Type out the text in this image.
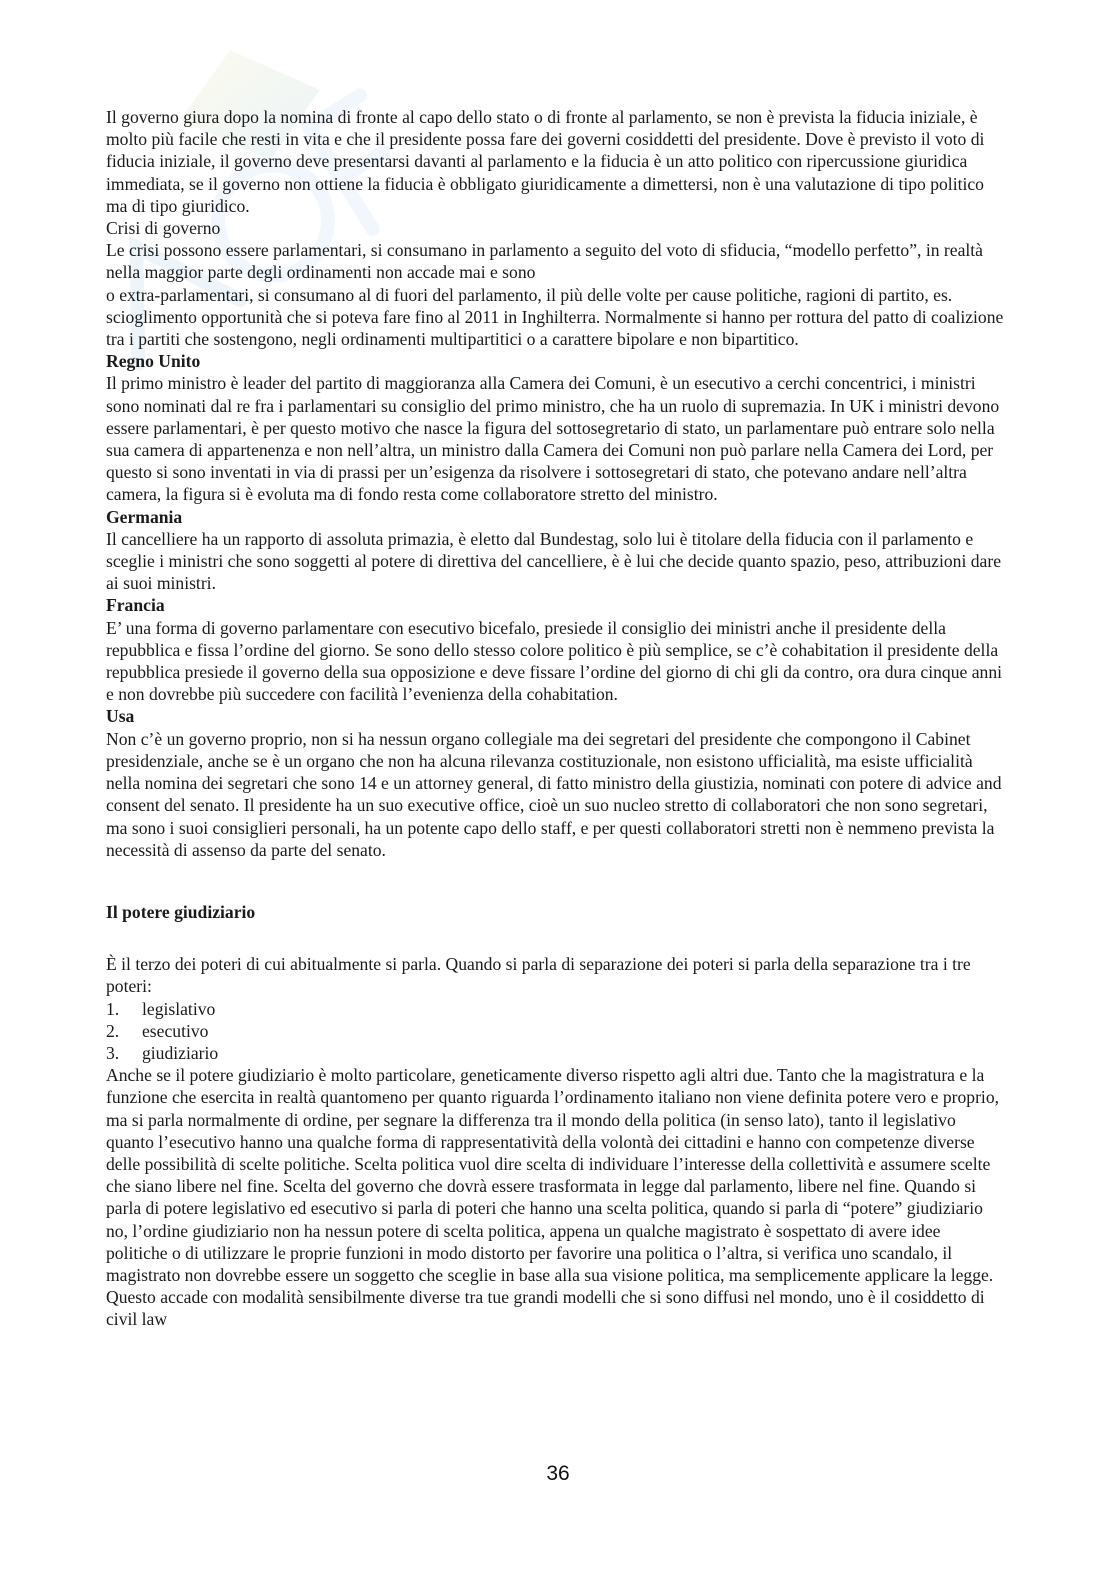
Il governo giura dopo la nomina di fronte al capo dello stato o di fronte al parlamento, se non è prevista la fiducia iniziale, è molto più facile che resti in vita e che il presidente possa fare dei governi cosiddetti del presidente. Dove è previsto il voto di fiducia iniziale, il governo deve presentarsi davanti al parlamento e la fiducia è un atto politico con ripercussione giuridica immediata, se il governo non ottiene la fiducia è obbligato giuridicamente a dimettersi, non è una valutazione di tipo politico ma di tipo giuridico.

Crisi di governo

Le crisi possono essere parlamentari, si consumano in parlamento a seguito del voto di sfiducia, “modello perfetto”, in realtà nella maggior parte degli ordinamenti non accade mai e sono

o extra-parlamentari, si consumano al di fuori del parlamento, il più delle volte per cause politiche, ragioni di partito, es. scioglimento opportunità che si poteva fare fino al 2011 in Inghilterra. Normalmente si hanno per rottura del patto di coalizione tra i partiti che sostengono, negli ordinamenti multipartitici o a carattere bipolare e non bipartitico.

Regno Unito

Il primo ministro è leader del partito di maggioranza alla Camera dei Comuni, è un esecutivo a cerchi concentrici, i ministri sono nominati dal re fra i parlamentari su consiglio del primo ministro, che ha un ruolo di supremazia. In UK i ministri devono essere parlamentari, è per questo motivo che nasce la figura del sottosegretario di stato, un parlamentare può entrare solo nella sua camera di appartenenza e non nell’altra, un ministro dalla Camera dei Comuni non può parlare nella Camera dei Lord, per questo si sono inventati in via di prassi per un’esigenza da risolvere i sottosegretari di stato, che potevano andare nell’altra camera, la figura si è evoluta ma di fondo resta come collaboratore stretto del ministro.

Germania

Il cancelliere ha un rapporto di assoluta primazia, è eletto dal Bundestag, solo lui è titolare della fiducia con il parlamento e sceglie i ministri che sono soggetti al potere di direttiva del cancelliere, è è lui che decide quanto spazio, peso, attribuzioni dare ai suoi ministri.

Francia

E’ una forma di governo parlamentare con esecutivo bicefalo, presiede il consiglio dei ministri anche il presidente della repubblica e fissa l’ordine del giorno. Se sono dello stesso colore politico è più semplice, se c’è cohabitation il presidente della repubblica presiede il governo della sua opposizione e deve fissare l’ordine del giorno di chi gli da contro, ora dura cinque anni e non dovrebbe più succedere con facilità l’evenienza della cohabitation.

Usa

Non c’è un governo proprio, non si ha nessun organo collegiale ma dei segretari del presidente che compongono il Cabinet presidenziale, anche se è un organo che non ha alcuna rilevanza costituzionale, non esistono ufficialità, ma esiste ufficialità nella nomina dei segretari che sono 14 e un attorney general, di fatto ministro della giustizia, nominati con potere di advice and consent del senato. Il presidente ha un suo executive office, cioè un suo nucleo stretto di collaboratori che non sono segretari, ma sono i suoi consiglieri personali, ha un potente capo dello staff, e per questi collaboratori stretti non è nemmeno prevista la necessità di assenso da parte del senato.

Il potere giudiziario

È il terzo dei poteri di cui abitualmente si parla. Quando si parla di separazione dei poteri si parla della separazione tra i tre poteri:

1. legislativo
2. esecutivo
3. giudiziario

Anche se il potere giudiziario è molto particolare, geneticamente diverso rispetto agli altri due. Tanto che la magistratura e la funzione che esercita in realtà quantomeno per quanto riguarda l’ordinamento italiano non viene definita potere vero e proprio, ma si parla normalmente di ordine, per segnare la differenza tra il mondo della politica (in senso lato), tanto il legislativo quanto l’esecutivo hanno una qualche forma di rappresentatività della volontà dei cittadini e hanno con competenze diverse delle possibilità di scelte politiche. Scelta politica vuol dire scelta di individuare l’interesse della collettività e assumere scelte che siano libere nel fine. Scelta del governo che dovrà essere trasformata in legge dal parlamento, libere nel fine. Quando si parla di potere legislativo ed esecutivo si parla di poteri che hanno una scelta politica, quando si parla di “potere” giudiziario no, l’ordine giudiziario non ha nessun potere di scelta politica, appena un qualche magistrato è sospettato di avere idee politiche o di utilizzare le proprie funzioni in modo distorto per favorire una politica o l’altra, si verifica uno scandalo, il magistrato non dovrebbe essere un soggetto che sceglie in base alla sua visione politica, ma semplicemente applicare la legge. Questo accade con modalità sensibilmente diverse tra tue grandi modelli che si sono diffusi nel mondo, uno è il cosiddetto di civil law

36
